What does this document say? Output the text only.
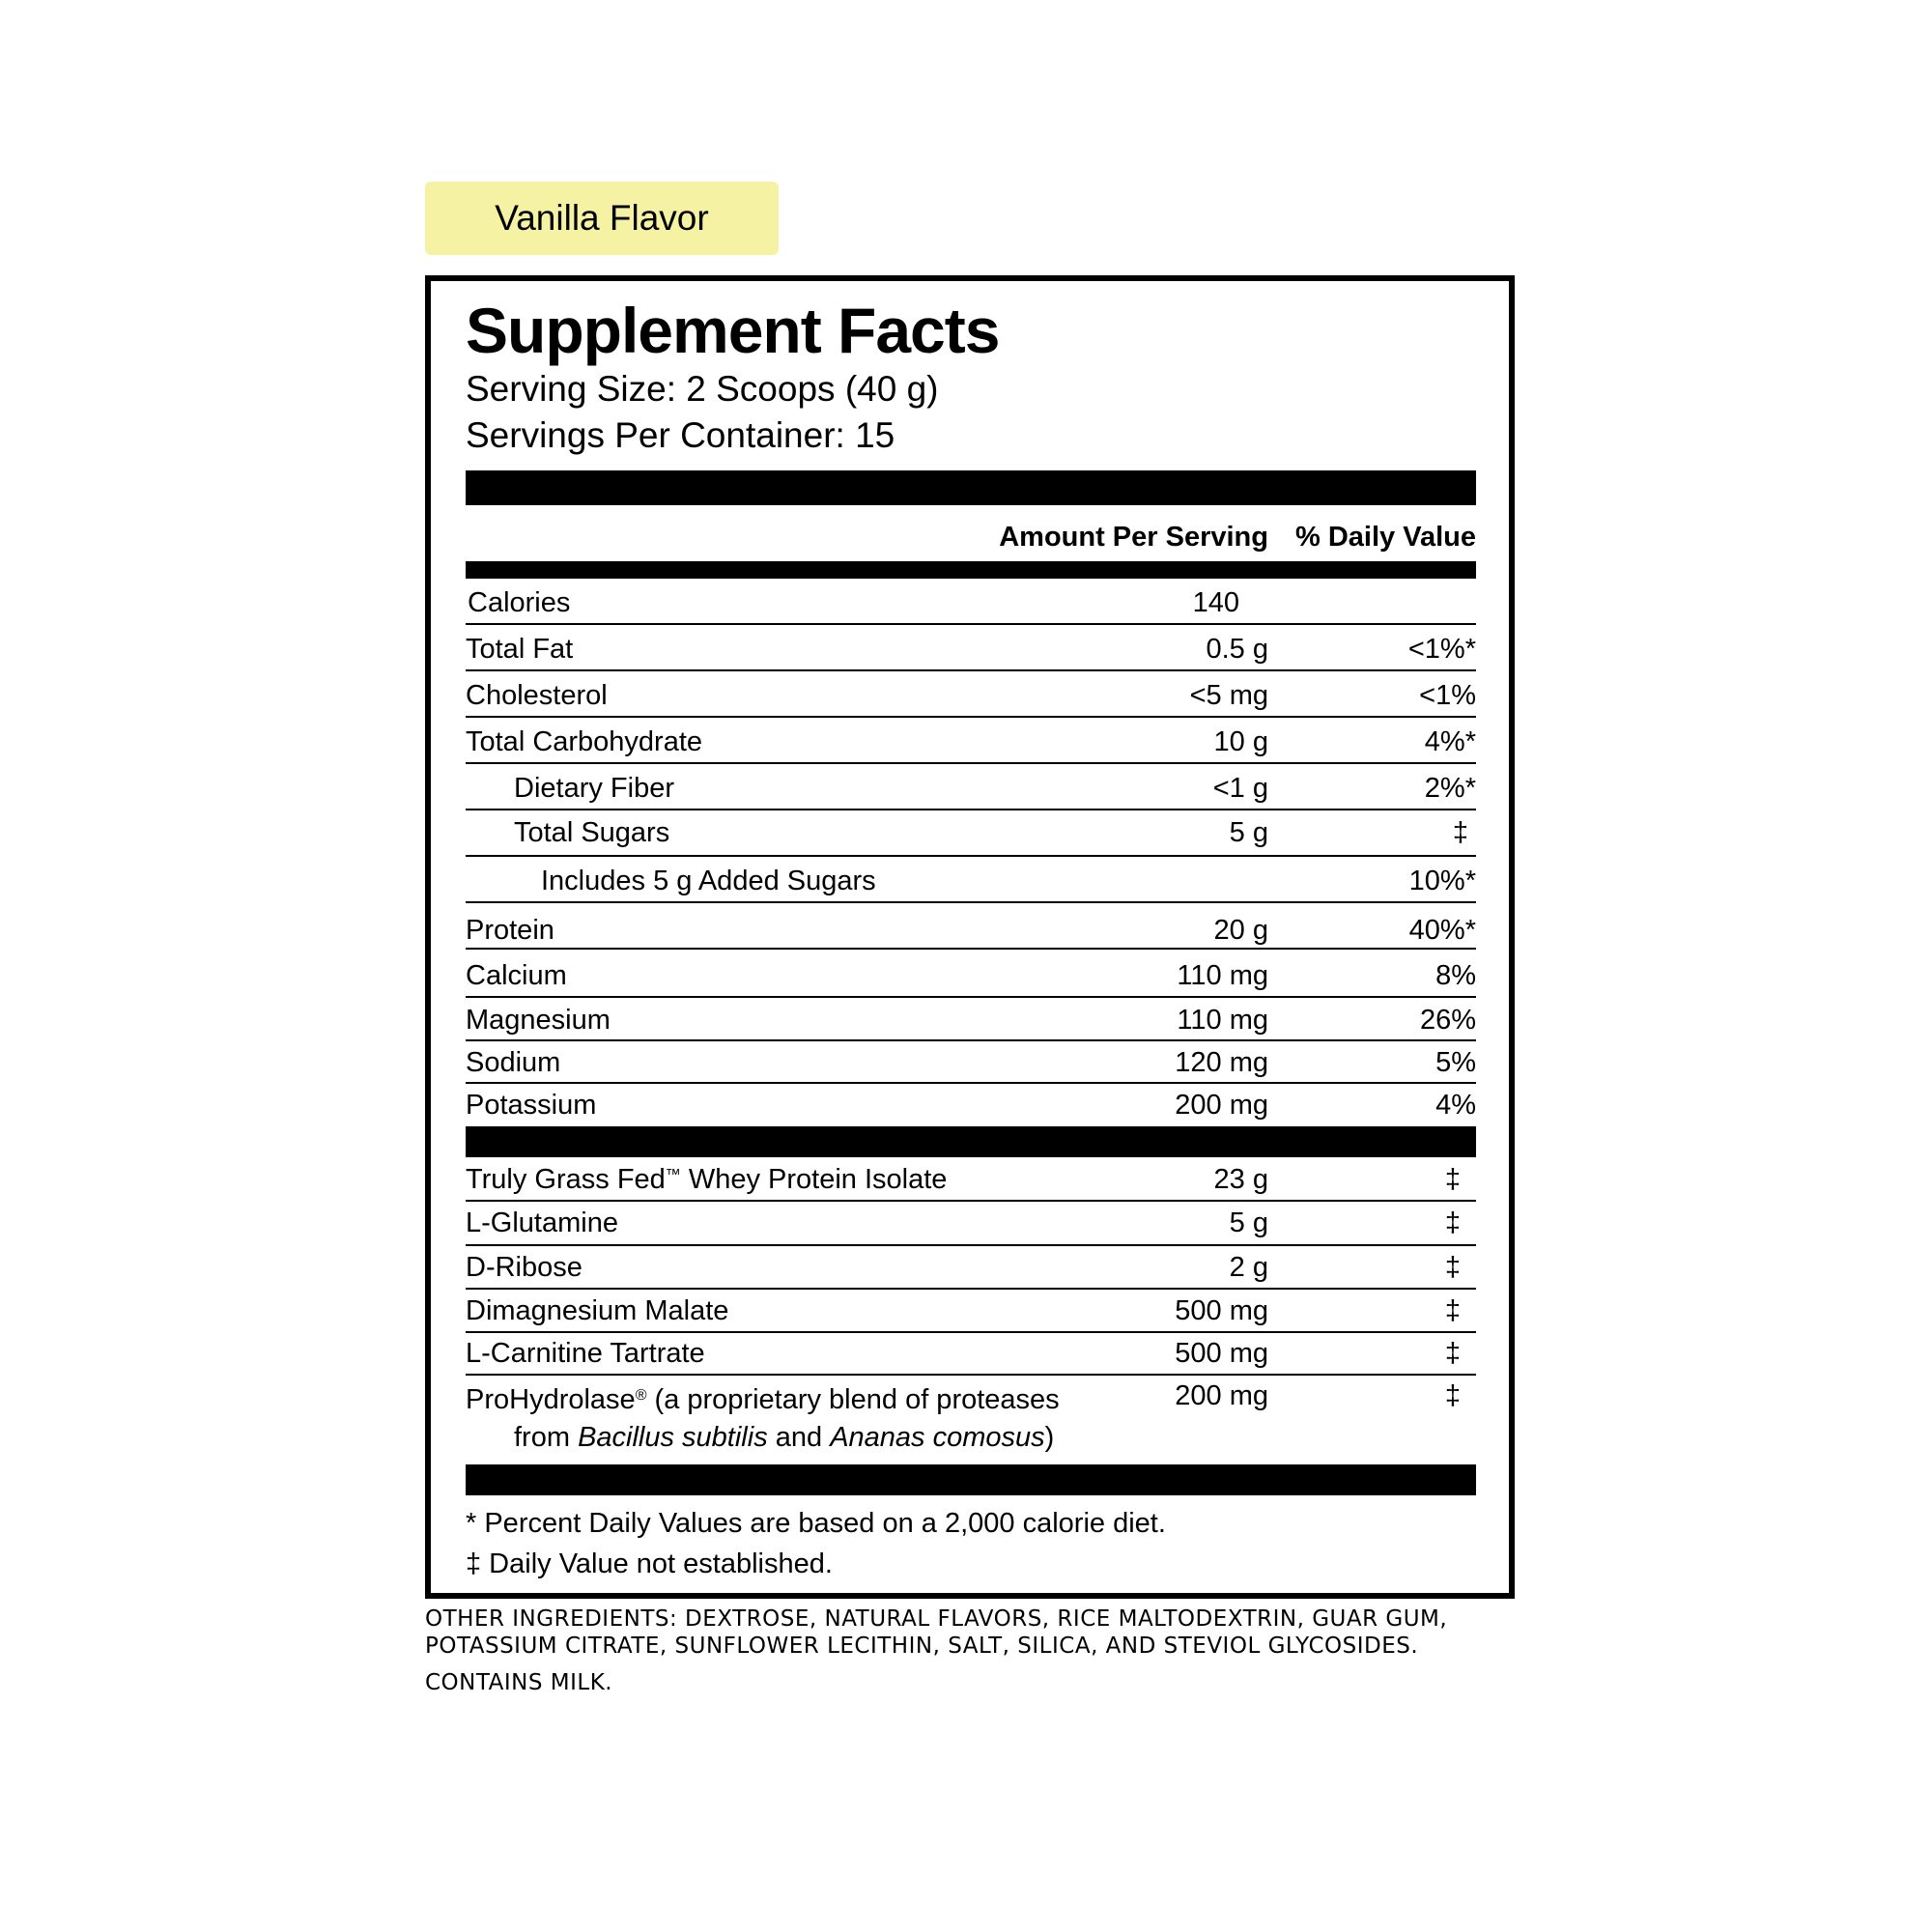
Vanilla Flavor
Supplement Facts
Serving Size: 2 Scoops (40 g)
Servings Per Container: 15
Amount Per Serving % Daily Value
Calories	140
Total Fat	0.5 g	<1%*
Cholesterol	<5 mg	<1%
Total Carbohydrate	10 g	4%*
Dietary Fiber	<1 g	2%*
Total Sugars	5 g	‡
Includes 5 g Added Sugars	10%*
Protein	20 g	40%*
Calcium	110 mg	8%
Magnesium	110 mg	26%
Sodium	120 mg	5%
Potassium	200 mg	4%
Truly Grass Fed™ Whey Protein Isolate	23 g	‡
L-Glutamine	5 g	‡
D-Ribose	2 g	‡
Dimagnesium Malate	500 mg	‡
L-Carnitine Tartrate	500 mg	‡
ProHydrolase® (a proprietary blend of proteases
from Bacillus subtilis and Ananas comosus)
200 mg	‡
* Percent Daily Values are based on a 2,000 calorie diet.
‡ Daily Value not established.
OTHER INGREDIENTS: DEXTROSE, NATURAL FLAVORS, RICE MALTODEXTRIN, GUAR GUM,
POTASSIUM CITRATE, SUNFLOWER LECITHIN, SALT, SILICA, AND STEVIOL GLYCOSIDES.
CONTAINS MILK.
